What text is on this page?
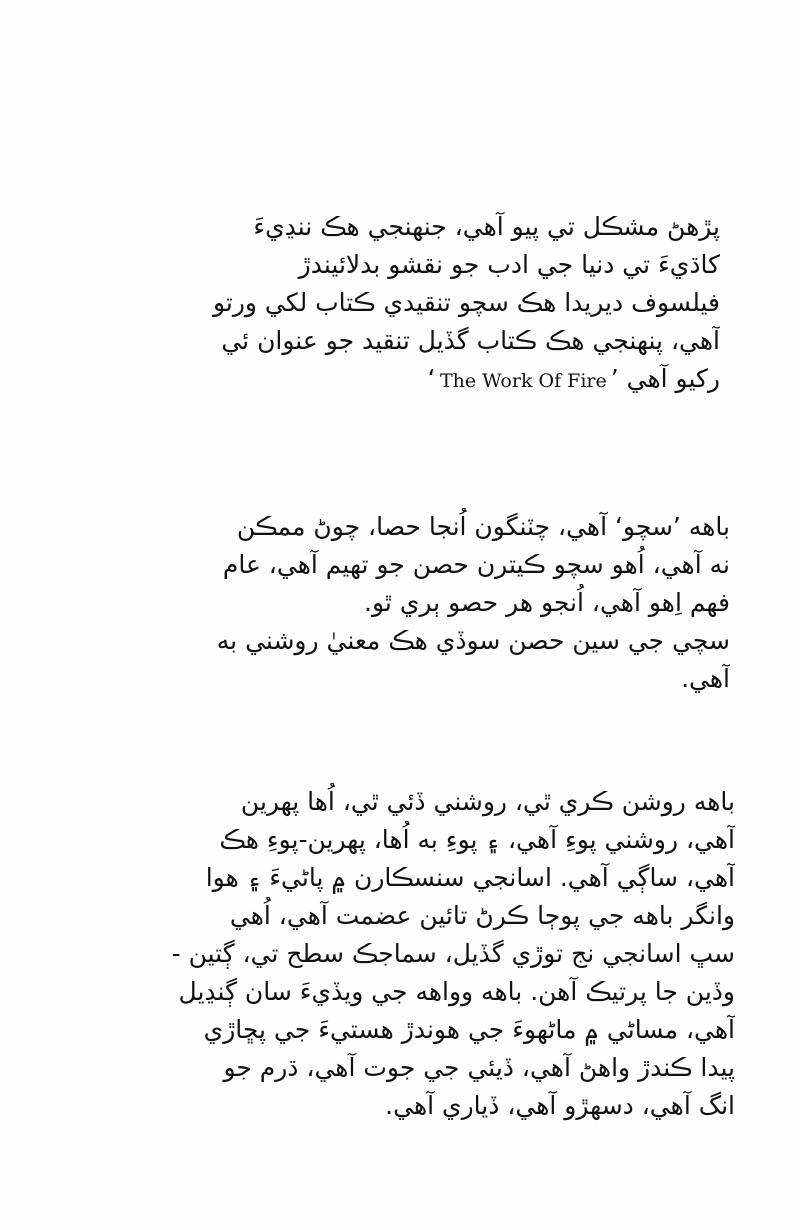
پڙهڻ مشڪل تي پيو آهي، جنهنجي هڪ ننڍيءَ
کاڌيءَ تي دنيا جي ادب جو نقشو بدلائيندڙ
فيلسوف ديريدا هڪ سچو تنقيدي ڪتاب لکي ورتو
آهي، پنهنجي هڪ ڪتاب گڏيل تنقيد جو عنوان ئي
رکيو آهي ’The Work Of Fire‘
باهه ’سچو‘ آهي، چٽنگون اُنجا حصا، چوڻ ممڪن
نه آهي، اُهو سچو ڪيترن حصن جو تهيم آهي، عام
فهم اِهو آهي، اُنجو هر حصو ٻري ٿو.
سچي جي سين حصن سوڏي هڪ معنيٰ روشني به
آهي.
باهه روشن ڪري ٿي، روشني ڏئي ٿي، اُها پهرين
آهي، روشني پوءِ آهي، ۽ پوءِ به اُها، پهرين-پوءِ هڪ
آهي، ساڳي آهي. اسانجي سنسڪارن ۾ پاڻيءَ ۽ هوا
وانگر باهه جي پوڄا ڪرڻ تائين عضمت آهي، اُهي
سڀ اسانجي نج توڙي گڏيل، سماجڪ سطح تي، ڳتين -
وڏين جا پرتيڪ آهن. باهه وواهه جي ويڏيءَ سان ڳنڍيل
آهي، مساڻي ۾ ماڻهوءَ جي هوندڙ هستيءَ جي پڇاڙي
پيدا ڪندڙ واهڻ آهي، ڏيئي جي جوت آهي، ڌرم جو
انگ آهي، دسهڙو آهي، ڏياري آهي.
